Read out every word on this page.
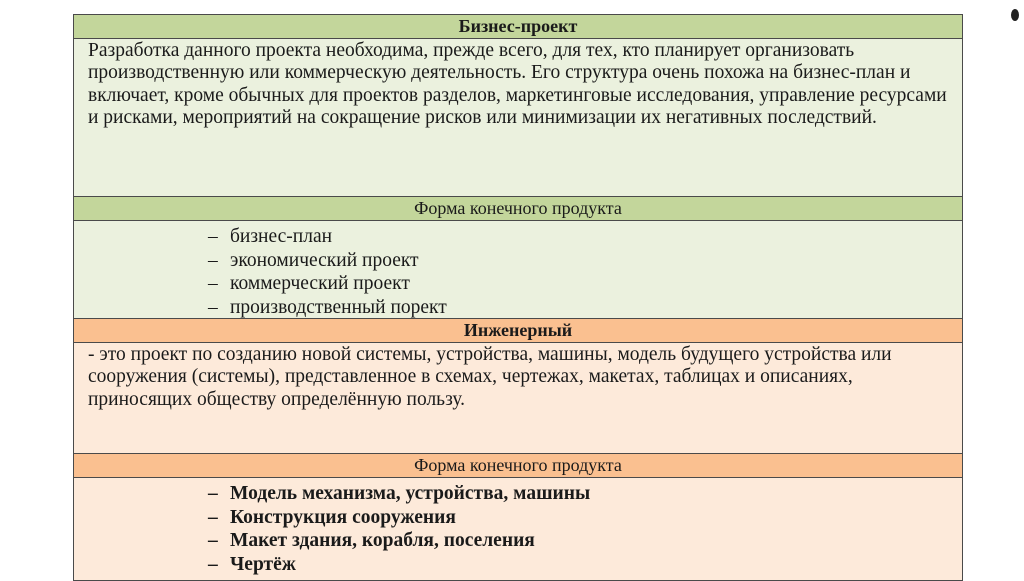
Бизнес-проект
Разработка данного проекта необходима, прежде всего, для тех, кто планирует организовать производственную или коммерческую деятельность. Его структура очень похожа на бизнес-план и включает, кроме обычных для проектов разделов, маркетинговые исследования, управление ресурсами и рисками, мероприятий на сокращение рисков или минимизации их негативных последствий.
Форма конечного продукта
– бизнес-план
– экономический проект
– коммерческий проект
– производственный порект
Инженерный
- это проект по созданию новой системы, устройства, машины, модель будущего устройства или сооружения (системы), представленное в схемах, чертежах, макетах, таблицах и описаниях, приносящих обществу определённую пользу.
Форма конечного продукта
– Модель механизма, устройства, машины
– Конструкция сооружения
– Макет здания, корабля, поселения
– Чертёж
